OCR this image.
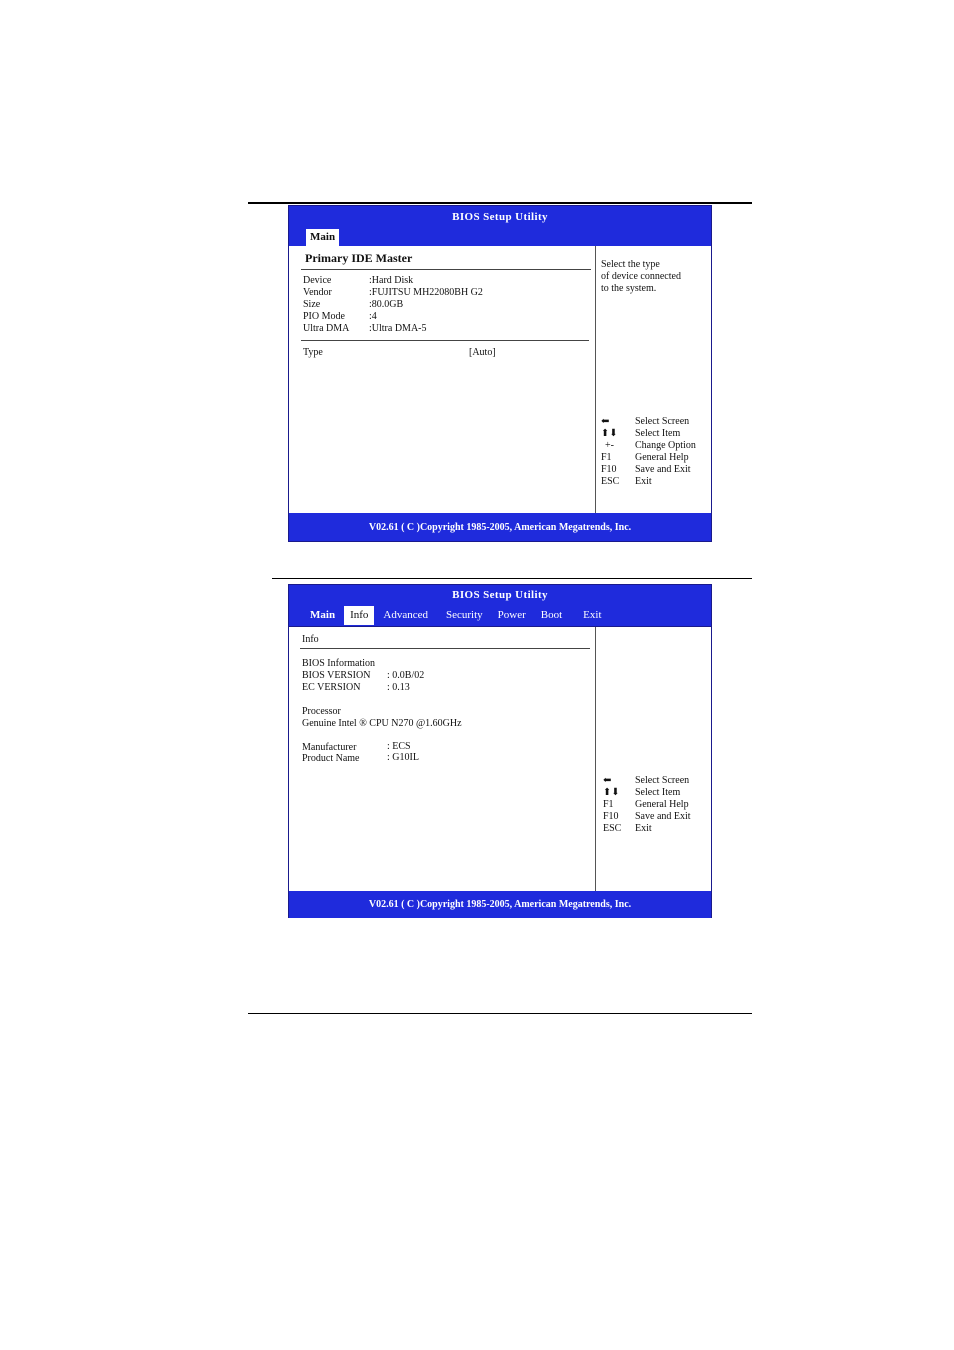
BIOS Setup Utility
Main
Primary IDE Master
Device	:Hard Disk
Vendor	:FUJITSU MH22080BH G2
Size	:80.0GB
PIO Mode :4
Ultra DMA :Ultra DMA-5
Type	[Auto]
Select the type
of device connected
to the system.
⬅	Select Screen
⬆⬇	Select Item
+-	Change Option
F1	General Help
F10	Save and Exit
ESC	Exit
V02.61 ( C )Copyright 1985-2005, American Megatrends, Inc.
BIOS Setup Utility
Main	Info	Advanced	Security	Power	Boot	Exit
Info
BIOS Information
BIOS VERSION : 0.0B/02
EC VERSION	: 0.13
Processor
Genuine Intel ® CPU N270 @1.60GHz
Manufacturer	: ECS
Product Name	: G10IL
⬅	Select Screen
⬆⬇	Select Item
F1	General Help
F10	Save and Exit
ESC	Exit
V02.61 ( C )Copyright 1985-2005, American Megatrends, Inc.
